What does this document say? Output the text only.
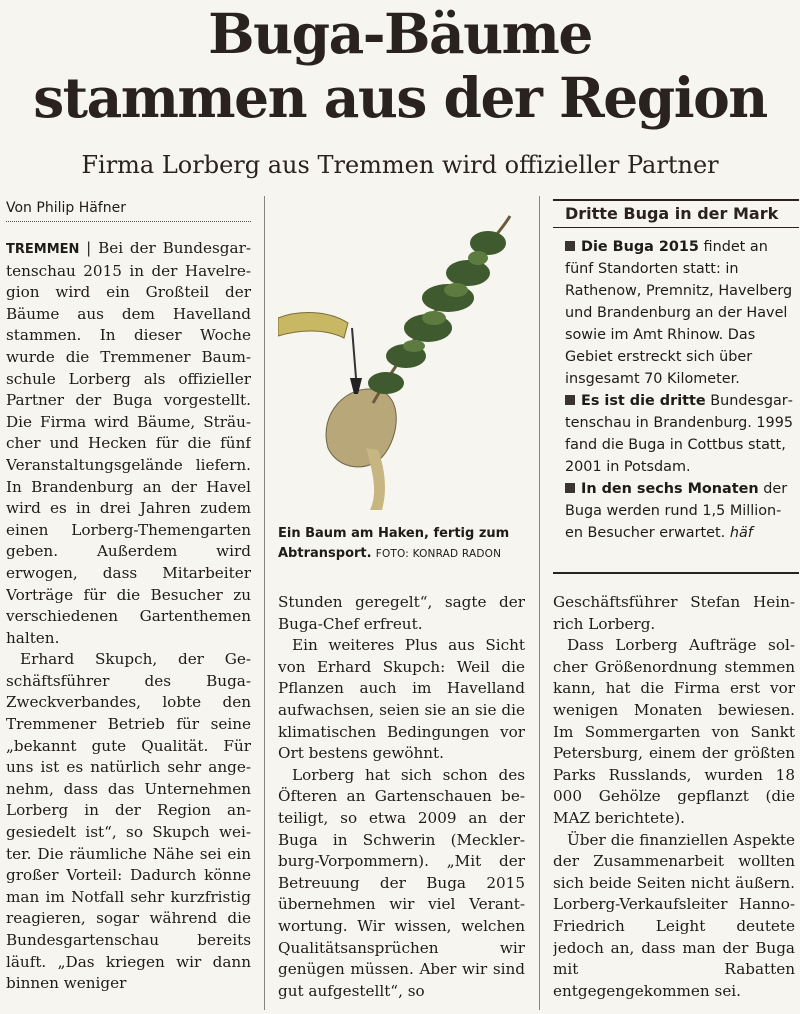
Buga-Bäume
stammen aus der Region
Firma Lorberg aus Tremmen wird offizieller Partner
Von Philip Häfner

TREMMEN | Bei der Bundesgartenschau 2015 in der Havelregion wird ein Großteil der Bäume aus dem Havelland stammen. In dieser Woche wurde die Tremmener Baumschule Lorberg als offizieller Partner der Buga vorgestellt. Die Firma wird Bäume, Sträucher und Hecken für die fünf Veranstaltungsgelände liefern. In Brandenburg an der Havel wird es in drei Jahren zudem einen Lorberg-Themengarten geben. Außerdem wird erwogen, dass Mitarbeiter Vorträge für die Besucher zu verschiedenen Gartenthemen halten.

Erhard Skupch, der Geschäftsführer des Buga-Zweckverbandes, lobte den Tremmener Betrieb für seine „bekannt gute Qualität. Für uns ist es natürlich sehr angenehm, dass das Unternehmen Lorberg in der Region angesiedelt ist“, so Skupch weiter. Die räumliche Nähe sei ein großer Vorteil: Dadurch könne man im Notfall sehr kurzfristig reagieren, sogar während die Bundesgartenschau bereits läuft. „Das kriegen wir dann binnen weniger

Ein Baum am Haken, fertig zum Abtransport. FOTO: KONRAD RADON
Dritte Buga in der Mark

Die Buga 2015 findet an fünf Standorten statt: in Rathenow, Premnitz, Havelberg und Brandenburg an der Havel sowie im Amt Rhinow. Das Gebiet erstreckt sich über insgesamt 70 Kilometer.

Es ist die dritte Bundesgartenschau in Brandenburg. 1995 fand die Buga in Cottbus statt, 2001 in Potsdam.

In den sechs Monaten der Buga werden rund 1,5 Millionen Besucher erwartet. häf

Stunden geregelt“, sagte der Buga-Chef erfreut.

Ein weiteres Plus aus Sicht von Erhard Skupch: Weil die Pflanzen auch im Havelland aufwachsen, seien sie an sie die klimatischen Bedingungen vor Ort bestens gewöhnt.

Lorberg hat sich schon des Öfteren an Gartenschauen beteiligt, so etwa 2009 an der Buga in Schwerin (Mecklerburg-Vorpommern). „Mit der Betreuung der Buga 2015 übernehmen wir viel Verantwortung. Wir wissen, welchen Qualitätsansprüchen wir genügen müssen. Aber wir sind gut aufgestellt“, so

Geschäftsführer Stefan Heinrich Lorberg.

Dass Lorberg Aufträge solcher Größenordnung stemmen kann, hat die Firma erst vor wenigen Monaten bewiesen. Im Sommergarten von Sankt Petersburg, einem der größten Parks Russlands, wurden 18 000 Gehölze gepflanzt (die MAZ berichtete).

Über die finanziellen Aspekte der Zusammenarbeit wollten sich beide Seiten nicht äußern. Lorberg-Verkaufsleiter Hanno-Friedrich Leight deutete jedoch an, dass man der Buga mit Rabatten entgegengekommen sei.
